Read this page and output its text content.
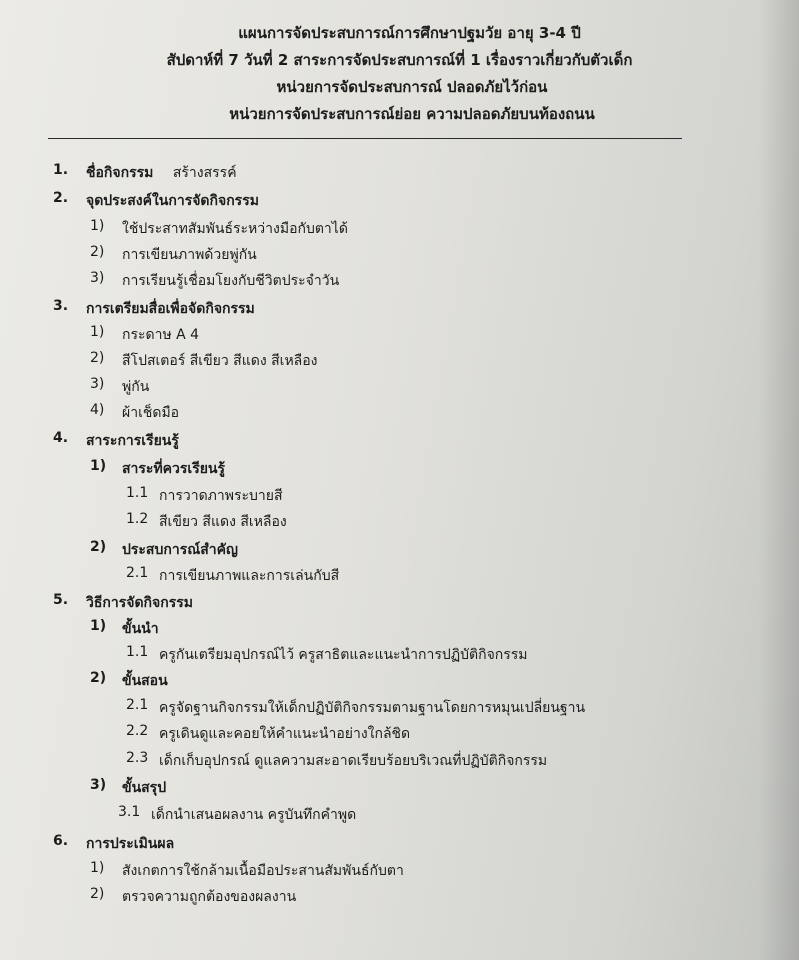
แผนการจัดประสบการณ์การศึกษาปฐมวัย อายุ 3-4 ปี
สัปดาห์ที่ 7 วันที่ 2 สาระการจัดประสบการณ์ที่ 1 เรื่องราวเกี่ยวกับตัวเด็ก
หน่วยการจัดประสบการณ์ ปลอดภัยไว้ก่อน
หน่วยการจัดประสบการณ์ย่อย ความปลอดภัยบนท้องถนน
1.	ชื่อกิจกรรม สร้างสรรค์
2.	จุดประสงค์ในการจัดกิจกรรม
1)	ใช้ประสาทสัมพันธ์ระหว่างมือกับตาได้
2)	การเขียนภาพด้วยพู่กัน
3)	การเรียนรู้เชื่อมโยงกับชีวิตประจำวัน
3.	การเตรียมสื่อเพื่อจัดกิจกรรม
1)	กระดาษ A 4
2)	สีโปสเตอร์ สีเขียว สีแดง สีเหลือง
3)	พู่กัน
4)	ผ้าเช็ดมือ
4.	สาระการเรียนรู้
1)	สาระที่ควรเรียนรู้
1.1 การวาดภาพระบายสี
1.2 สีเขียว สีแดง สีเหลือง
2)	ประสบการณ์สำคัญ
2.1 การเขียนภาพและการเล่นกับสี
5.	วิธีการจัดกิจกรรม
1)	ขั้นนำ
1.1 ครูกันเตรียมอุปกรณ์ไว้ ครูสาธิตและแนะนำการปฏิบัติกิจกรรม
2)	ขั้นสอน
2.1 ครูจัดฐานกิจกรรมให้เด็กปฏิบัติกิจกรรมตามฐานโดยการหมุนเปลี่ยนฐาน
2.2 ครูเดินดูและคอยให้คำแนะนำอย่างใกล้ชิด
2.3 เด็กเก็บอุปกรณ์ ดูแลความสะอาดเรียบร้อยบริเวณที่ปฏิบัติกิจกรรม
3)	ขั้นสรุป
3.1 เด็กนำเสนอผลงาน ครูบันทึกคำพูด
6.	การประเมินผล
1)	สังเกตการใช้กล้ามเนื้อมือประสานสัมพันธ์กับตา
2)	ตรวจความถูกต้องของผลงาน
